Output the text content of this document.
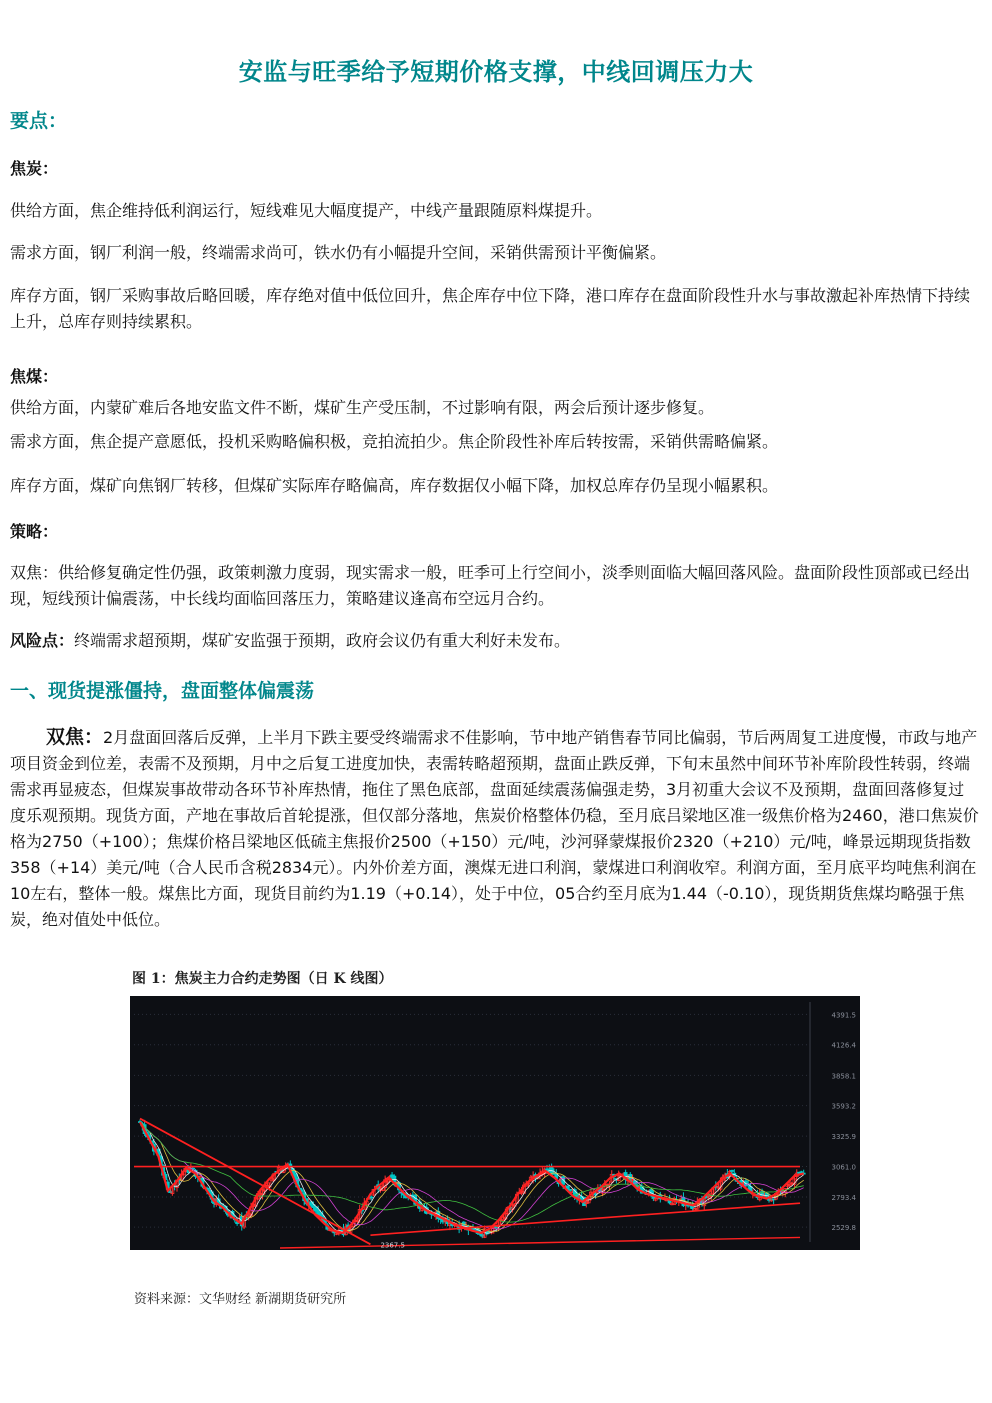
安监与旺季给予短期价格支撑，中线回调压力大
要点：
焦炭：
供给方面，焦企维持低利润运行，短线难见大幅度提产，中线产量跟随原料煤提升。
需求方面，钢厂利润一般，终端需求尚可，铁水仍有小幅提升空间，采销供需预计平衡偏紧。
库存方面，钢厂采购事故后略回暖，库存绝对值中低位回升，焦企库存中位下降，港口库存在盘面阶段性升水与事故激起补库热情下持续上升，总库存则持续累积。
焦煤：
供给方面，内蒙矿难后各地安监文件不断，煤矿生产受压制，不过影响有限，两会后预计逐步修复。
需求方面，焦企提产意愿低，投机采购略偏积极，竞拍流拍少。焦企阶段性补库后转按需，采销供需略偏紧。
库存方面，煤矿向焦钢厂转移，但煤矿实际库存略偏高，库存数据仅小幅下降，加权总库存仍呈现小幅累积。
策略：
双焦：供给修复确定性仍强，政策刺激力度弱，现实需求一般，旺季可上行空间小，淡季则面临大幅回落风险。盘面阶段性顶部或已经出现，短线预计偏震荡，中长线均面临回落压力，策略建议逢高布空远月合约。
风险点：终端需求超预期，煤矿安监强于预期，政府会议仍有重大利好未发布。
一、现货提涨僵持，盘面整体偏震荡
双焦：2月盘面回落后反弹，上半月下跌主要受终端需求不佳影响，节中地产销售春节同比偏弱，节后两周复工进度慢，市政与地产项目资金到位差，表需不及预期，月中之后复工进度加快，表需转略超预期，盘面止跌反弹，下旬末虽然中间环节补库阶段性转弱，终端需求再显疲态，但煤炭事故带动各环节补库热情，拖住了黑色底部，盘面延续震荡偏强走势，3月初重大会议不及预期，盘面回落修复过度乐观预期。现货方面，产地在事故后首轮提涨，但仅部分落地，焦炭价格整体仍稳，至月底吕梁地区准一级焦价格为2460，港口焦炭价格为2750（+100）；焦煤价格吕梁地区低硫主焦报价2500（+150）元/吨，沙河驿蒙煤报价2320（+210）元/吨，峰景远期现货指数358（+14）美元/吨（合人民币含税2834元）。内外价差方面，澳煤无进口利润，蒙煤进口利润收窄。利润方面，至月底平均吨焦利润在10左右，整体一般。煤焦比方面，现货目前约为1.19（+0.14），处于中位，05合约至月底为1.44（-0.10），现货期货焦煤均略强于焦炭，绝对值处中低位。
图 1：焦炭主力合约走势图（日 K 线图）
4391.5
4126.4
3858.1
3593.2
3325.9
3061.0
2793.4
2529.8
2367.5
资料来源：文华财经 新湖期货研究所
